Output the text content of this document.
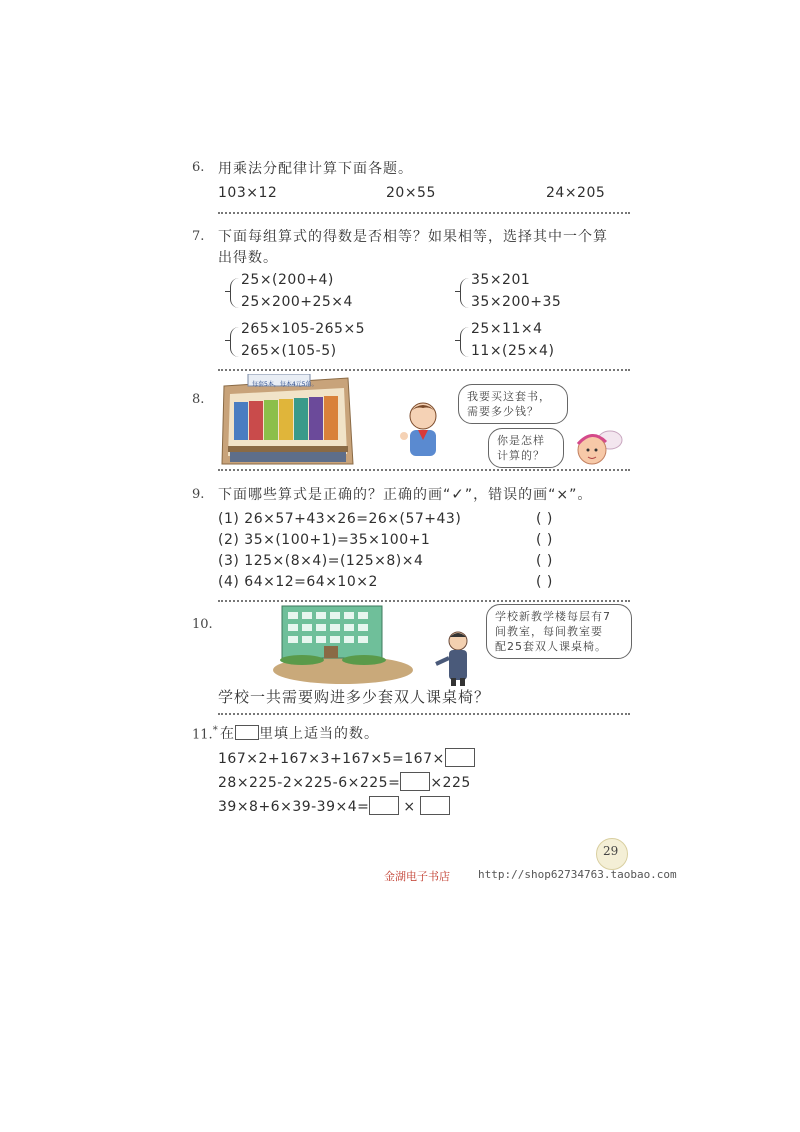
6. 用乘法分配律计算下面各题。
103×12	20×55	24×205
7. 下面每组算式的得数是否相等？如果相等，选择其中一个算
出得数。
25×(200+4)
25×200+25×4
35×201
35×200+35
265×105-265×5
265×(105-5)
25×11×4
11×(25×4)
8.
每套5本，每本4元5角。
我要买这套书，
需要多少钱？
你是怎样
计算的？
9. 下面哪些算式是正确的？正确的画“✓”，错误的画“×”。
(1) 26×57+43×26=26×(57+43)	( )
(2) 35×(100+1)=35×100+1	( )
(3) 125×(8×4)=(125×8)×4	( )
(4) 64×12=64×10×2	( )
10.
学校新教学楼每层有7
间教室，每间教室要
配25套双人课桌椅。
学校一共需要购进多少套双人课桌椅？
11.* 在 里填上适当的数。
167×2+167×3+167×5=167×
28×225-2×225-6×225= ×225
39×8+6×39-39×4= ×
29
金湖电子书店	http://shop62734763.taobao.com
